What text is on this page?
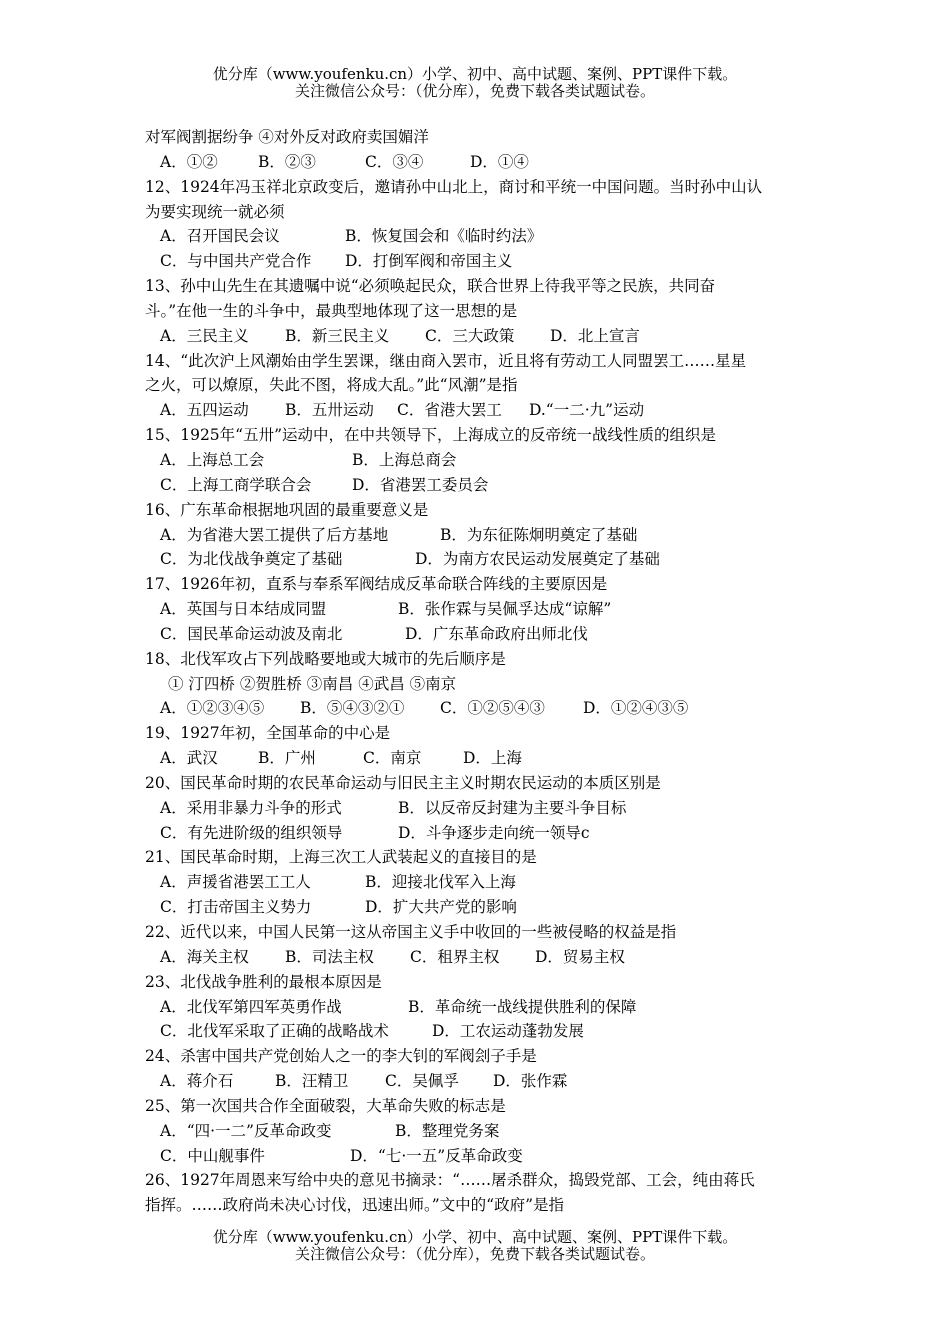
优分库（www.youfenku.cn）小学、初中、高中试题、案例、PPT课件下载。
关注微信公众号：（优分库），免费下载各类试题试卷。
对军阀割据纷争 ④对外反对政府卖国媚洋
A．①②	B．②③	C．③④	D．①④
12、1924年冯玉祥北京政变后，邀请孙中山北上，商讨和平统一中国问题。当时孙中山认
为要实现统一就必须
A．召开国民会议	B．恢复国会和《临时约法》
C．与中国共产党合作 D．打倒军阀和帝国主义
13、孙中山先生在其遗嘱中说“必须唤起民众，联合世界上待我平等之民族，共同奋
斗。”在他一生的斗争中，最典型地体现了这一思想的是
A．三民主义 B．新三民主义 C．三大政策 D．北上宣言
14、“此次沪上风潮始由学生罢课，继由商入罢市，近且将有劳动工人同盟罢工……星星
之火，可以燎原，失此不图，将成大乱。”此“风潮”是指
A．五四运动 B．五卅运动 C．省港大罢工 D.“一二·九”运动
15、1925年“五卅”运动中，在中共领导下，上海成立的反帝统一战线性质的组织是
A．上海总工会	B．上海总商会
C．上海工商学联合会	D．省港罢工委员会
16、广东革命根据地巩固的最重要意义是
A．为省港大罢工提供了后方基地	B．为东征陈炯明奠定了基础
C．为北伐战争奠定了基础	D．为南方农民运动发展奠定了基础
17、1926年初，直系与奉系军阀结成反革命联合阵线的主要原因是
A．英国与日本结成同盟	B．张作霖与吴佩孚达成“谅解”
C．国民革命运动波及南北	D．广东革命政府出师北伐
18、北伐军攻占下列战略要地或大城市的先后顺序是
① 汀四桥 ②贺胜桥 ③南昌 ④武昌 ⑤南京
A．①②③④⑤ B．⑤④③②① C．①②⑤④③ D．①②④③⑤
19、1927年初，全国革命的中心是
A．武汉	B．广州	C．南京	D．上海
20、国民革命时期的农民革命运动与旧民主主义时期农民运动的本质区别是
A．采用非暴力斗争的形式	B．以反帝反封建为主要斗争目标
C．有先进阶级的组织领导	D．斗争逐步走向统一领导c
21、国民革命时期，上海三次工人武装起义的直接目的是
A．声援省港罢工工人	B．迎接北伐军入上海
C．打击帝国主义势力	D．扩大共产党的影响
22、近代以来，中国人民第一这从帝国主义手中收回的一些被侵略的权益是指
A．海关主权 B．司法主权 C．租界主权 D．贸易主权
23、北伐战争胜利的最根本原因是
A．北伐军第四军英勇作战	B．革命统一战线提供胜利的保障
C．北伐军采取了正确的战略战术	D．工农运动蓬勃发展
24、杀害中国共产党创始人之一的李大钊的军阀刽子手是
A．蒋介石	B．汪精卫 C．吴佩孚 D．张作霖
25、第一次国共合作全面破裂，大革命失败的标志是
A．“四·一二”反革命政变	B．整理党务案
C．中山舰事件	D．“七·一五”反革命政变
26、1927年周恩来写给中央的意见书摘录：“……屠杀群众，捣毁党部、工会，纯由蒋氏
指挥。……政府尚未决心讨伐，迅速出师。”文中的“政府”是指
优分库（www.youfenku.cn）小学、初中、高中试题、案例、PPT课件下载。
关注微信公众号：（优分库），免费下载各类试题试卷。
